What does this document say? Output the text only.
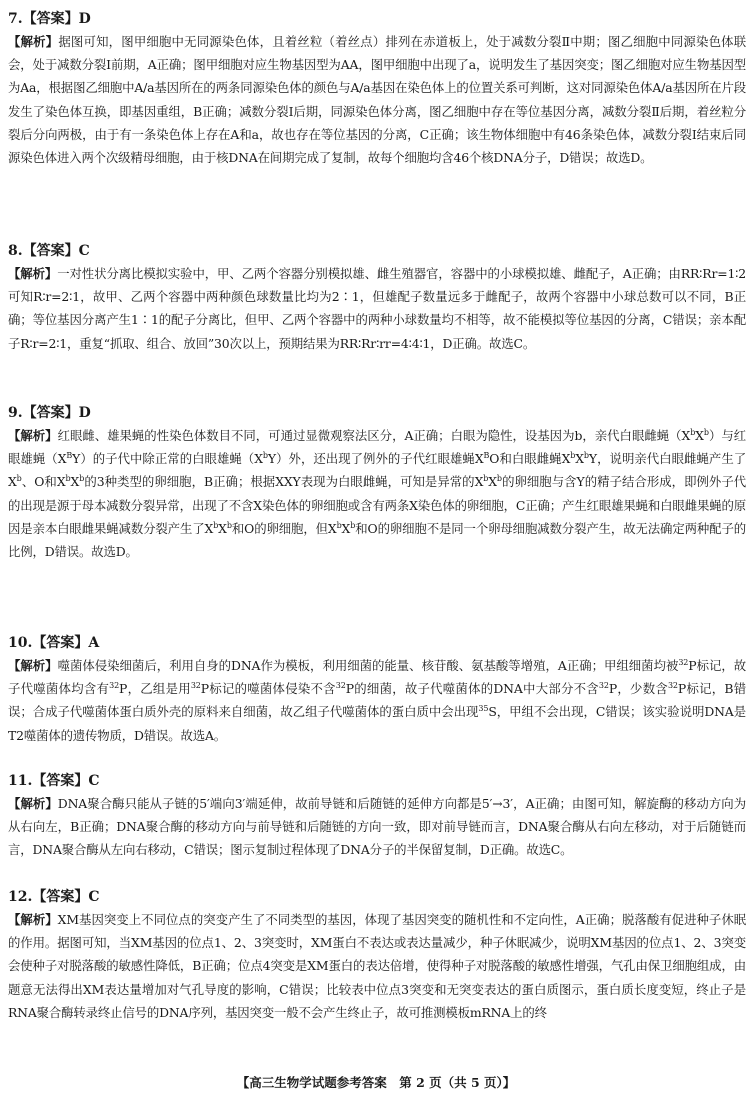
7.【答案】D

【解析】据图可知，图甲细胞中无同源染色体，且着丝粒（着丝点）排列在赤道板上，处于减数分裂Ⅱ中期；图乙细胞中同源染色体联会，处于减数分裂Ⅰ前期，A正确；图甲细胞对应生物基因型为AA，图甲细胞中出现了a，说明发生了基因突变；图乙细胞对应生物基因型为Aa，根据图乙细胞中A/a基因所在的两条同源染色体的颜色与A/a基因在染色体上的位置关系可判断，这对同源染色体A/a基因所在片段发生了染色体互换，即基因重组，B正确；减数分裂Ⅰ后期，同源染色体分离，图乙细胞中存在等位基因分离，减数分裂Ⅱ后期，着丝粒分裂后分向两极，由于有一条染色体上存在A和a，故也存在等位基因的分离，C正确；该生物体细胞中有46条染色体，减数分裂Ⅰ结束后同源染色体进入两个次级精母细胞，由于核DNA在间期完成了复制，故每个细胞均含46个核DNA分子，D错误；故选D。

8.【答案】C

【解析】一对性状分离比模拟实验中，甲、乙两个容器分别模拟雄、雌生殖器官，容器中的小球模拟雄、雌配子，A正确；由RR∶Rr=1∶2可知R∶r=2∶1，故甲、乙两个容器中两种颜色球数量比均为2∶1，但雄配子数量远多于雌配子，故两个容器中小球总数可以不同，B正确；等位基因分离产生1∶1的配子分离比，但甲、乙两个容器中的两种小球数量均不相等，故不能模拟等位基因的分离，C错误；亲本配子R∶r=2∶1，重复“抓取、组合、放回”30次以上，预期结果为RR∶Rr∶rr=4∶4∶1，D正确。故选C。

9.【答案】D

【解析】红眼雌、雄果蝇的性染色体数目不同，可通过显微观察法区分，A正确；白眼为隐性，设基因为b，亲代白眼雌蝇$(X^bX^b)$与红眼雄蝇$(X^BY)$的子代中除正常的白眼雄蝇$(X^bY)$外，还出现了例外的子代红眼雄蝇$X^BO$和白眼雌蝇$X^bX^bY$，说明亲代白眼雌蝇产生了$X^b$、O和$X^bX^b$的3种类型的卵细胞，B正确；根据XXY表现为白眼雌蝇，可知是异常的$X^bX^b$的卵细胞与含Y的精子结合形成，即例外子代的出现是源于母本减数分裂异常，出现了不含X染色体的卵细胞或含有两条X染色体的卵细胞，C正确；产生红眼雄果蝇和白眼雌果蝇的原因是亲本白眼雌果蝇减数分裂产生了$X^bX^b$和O的卵细胞，但$X^bX^b$和O的卵细胞不是同一个卵母细胞减数分裂产生，故无法确定两种配子的比例，D错误。故选D。

10.【答案】A

【解析】噬菌体侵染细菌后，利用自身的DNA作为模板，利用细菌的能量、核苷酸、氨基酸等增殖，A正确；甲组细菌均被$^{32}$P标记，故子代噬菌体均含有$^{32}$P，乙组是用$^{32}$P标记的噬菌体侵染不含$^{32}$P的细菌，故子代噬菌体的DNA中大部分不含$^{32}$P，少数含$^{32}$P标记，B错误；合成子代噬菌体蛋白质外壳的原料来自细菌，故乙组子代噬菌体的蛋白质中会出现$^{35}$S，甲组不会出现，C错误；该实验说明DNA是T2噬菌体的遗传物质，D错误。故选A。

11.【答案】C

【解析】DNA聚合酶只能从子链的5′端向3′端延伸，故前导链和后随链的延伸方向都是5′→3′，A正确；由图可知，解旋酶的移动方向为从右向左，B正确；DNA聚合酶的移动方向与前导链和后随链的方向一致，即对前导链而言，DNA聚合酶从右向左移动，对于后随链而言，DNA聚合酶从左向右移动，C错误；图示复制过程体现了DNA分子的半保留复制，D正确。故选C。

12.【答案】C

【解析】XM基因突变上不同位点的突变产生了不同类型的基因，体现了基因突变的随机性和不定向性，A正确；脱落酸有促进种子休眠的作用。据图可知，当XM基因的位点1、2、3突变时，XM蛋白不表达或表达量减少，种子休眠减少，说明XM基因的位点1、2、3突变会使种子对脱落酸的敏感性降低，B正确；位点4突变是XM蛋白的表达倍增，使得种子对脱落酸的敏感性增强，气孔由保卫细胞组成，由题意无法得出XM表达量增加对气孔导度的影响，C错误；比较表中位点3突变和无突变表达的蛋白质图示，蛋白质长度变短，终止子是RNA聚合酶转录终止信号的DNA序列，基因突变一般不会产生终止子，故可推测模板mRNA上的终

【高三生物学试题参考答案　第 2 页（共 5 页）】
